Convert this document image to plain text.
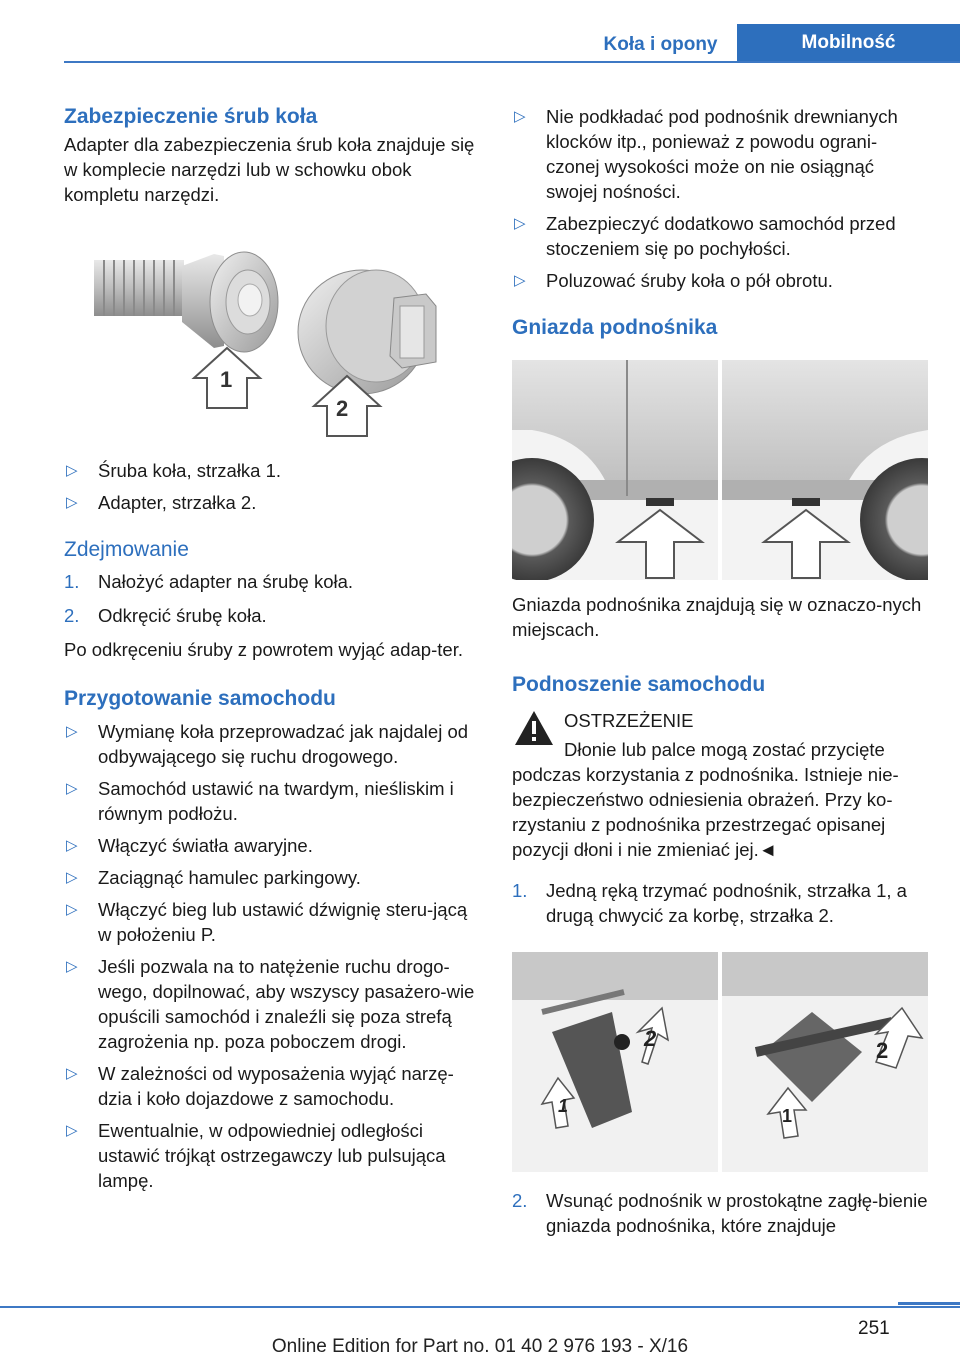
Koła i opony	Mobilność
Zabezpieczenie śrub koła

Adapter dla zabezpieczenia śrub koła znajduje się w komplecie narzędzi lub w schowku obok kompletu narzędzi.

1
2
▷ Śruba koła, strzałka 1.
▷ Adapter, strzałka 2.
Zdejmowanie
1.	Nałożyć adapter na śrubę koła.
2.	Odkręcić śrubę koła.

Po odkręceniu śruby z powrotem wyjąć adap‐ter.

Przygotowanie samochodu
▷ Wymianę koła przeprowadzać jak najdalej od odbywającego się ruchu drogowego.
▷ Samochód ustawić na twardym, nieśliskim i równym podłożu.
▷ Włączyć światła awaryjne.
▷ Zaciągnąć hamulec parkingowy.
▷ Włączyć bieg lub ustawić dźwignię steru‐jącą w położeniu P.
▷ Jeśli pozwala na to natężenie ruchu drogo‐wego, dopilnować, aby wszyscy pasażero‐wie opuścili samochód i znaleźli się poza strefą zagrożenia np. poza poboczem drogi.
▷ W zależności od wyposażenia wyjąć narzę‐dzia i koło dojazdowe z samochodu.
▷ Ewentualnie, w odpowiedniej odległości ustawić trójkąt ostrzegawczy lub pulsująca lampę.
▷ Nie podkładać pod podnośnik drewnianych klocków itp., ponieważ z powodu ograni‐czonej wysokości może on nie osiągnąć swojej nośności.
▷ Zabezpieczyć dodatkowo samochód przed stoczeniem się po pochyłości.
▷ Poluzować śruby koła o pół obrotu.
Gniazda podnośnika

Gniazda podnośnika znajdują się w oznaczo‐nych miejscach.

Podnoszenie samochodu
OSTRZEŻENIE

Dłonie lub palce mogą zostać przycięte podczas korzystania z podnośnika. Istnieje nie‐bezpieczeństwo odniesienia obrażeń. Przy ko‐rzystaniu z podnośnika przestrzegać opisanej pozycji dłoni i nie zmieniać jej.◄

1.	Jedną ręką trzymać podnośnik, strzałka 1, a drugą chwycić za korbę, strzałka 2.
2
1
2
1
2.	Wsunąć podnośnik w prostokątne zagłę‐bienie gniazda podnośnika, które znajduje
251
Online Edition for Part no. 01 40 2 976 193 - X/16
